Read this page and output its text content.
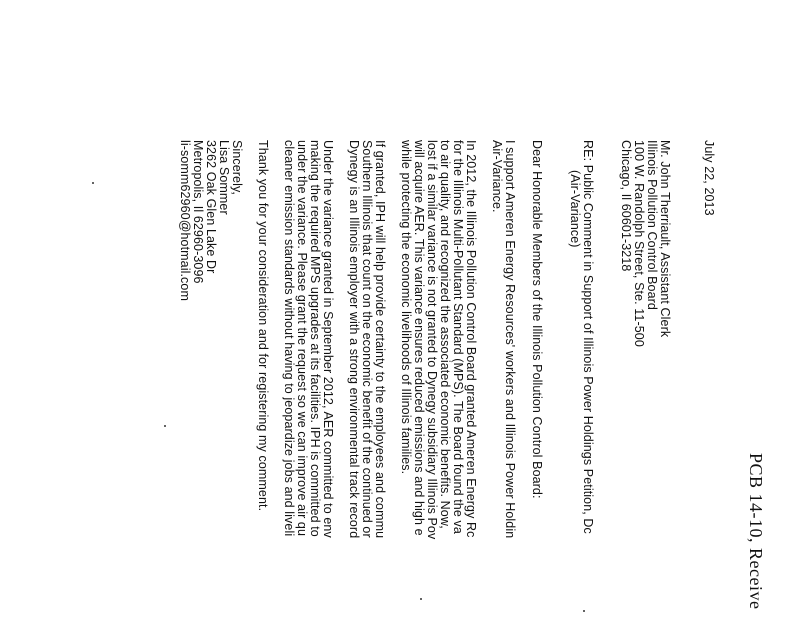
PCB 14-10, Receive
July 22, 2013
Mr. John Therriault, Assistant Clerk
Illinois Pollution Control Board
100 W. Randolph Street, Ste. 11-500
Chicago, Il 60601-3218
RE: Public Comment in Support of Illinois Power Holdings Petition, Dc
(Air-Variance)
Dear Honorable Members of the Illinois Pollution Control Board:
I support Ameren Energy Resources' workers and Illinois Power Holdin
Air-Variance.
In 2012, the Illinois Pollution Control Board granted Ameren Energy Rc
for the Illinois Multi-Pollutant Standard (MPS). The Board found the va
to air quality, and recognized the associated economic benefits. Now,
lost if a similar variance is not granted to Dynegy subsidiary Illinois Pov
will acquire AER. This variance ensures reduced emissions and high e
while protecting the economic livelihoods of Illinois families.
If granted, IPH will help provide certainty to the employees and commu
Southern Illinois that count on the economic benefit of the continued or
Dynegy is an Illinois employer with a strong environmental track record
Under the variance granted in September 2012, AER committed to env
making the required MPS upgrades at its facilities. IPH is committed to
under the variance. Please grant the request so we can improve air qu
cleaner emission standards without having to jeopardize jobs and liveli
Thank you for your consideration and for registering my comment.
Sincerely,
Lisa Sommer
3262 Oak Glen Lake Dr
Metropolis, Il 62960-3096
li-somm62960@hotmail.com
